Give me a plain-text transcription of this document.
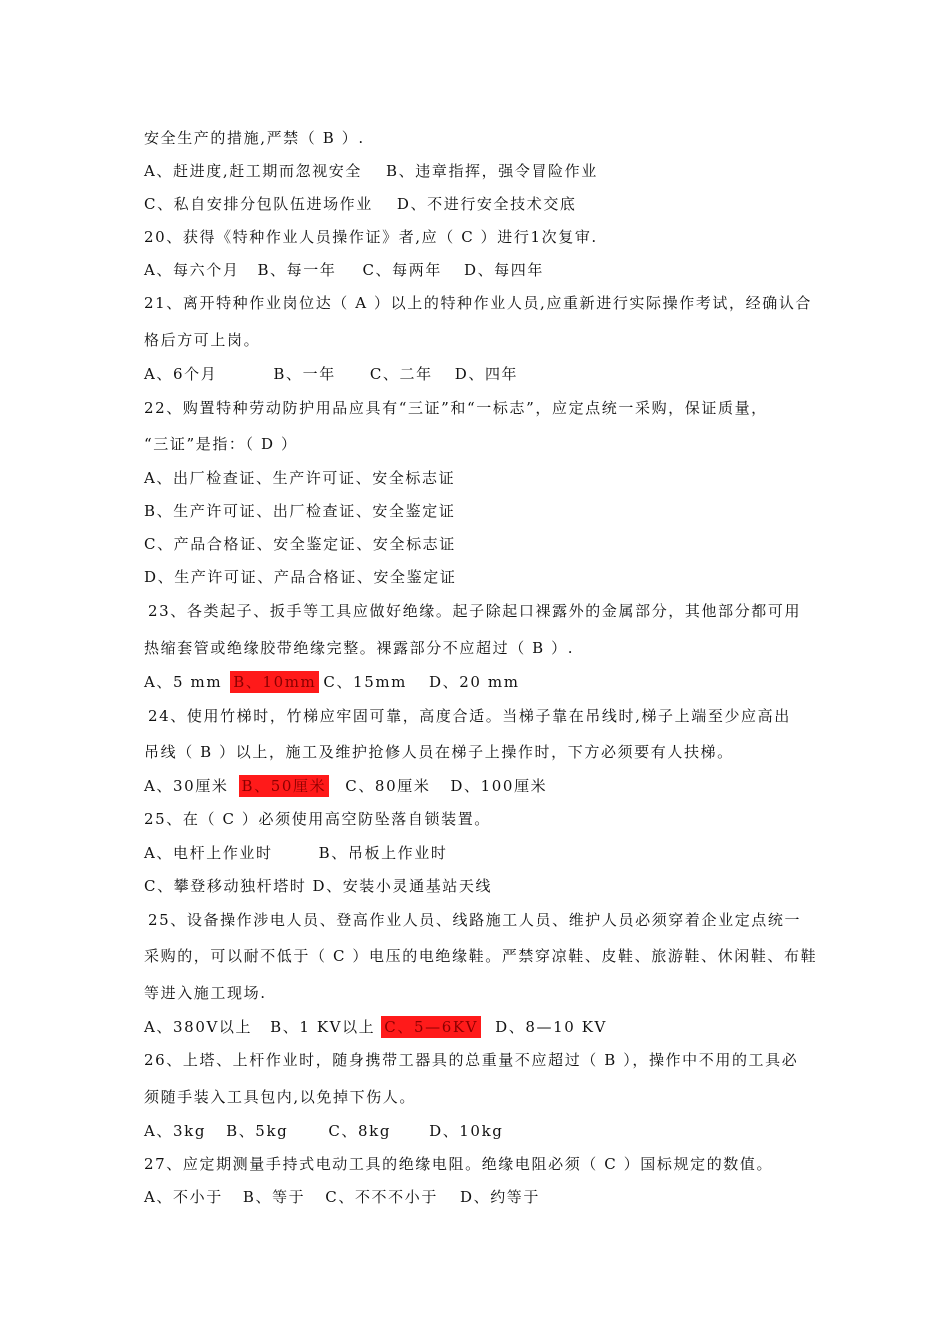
安全生产的措施,严禁（ B ）.
A、赶进度,赶工期而忽视安全 B、违章指挥，强令冒险作业
C、私自安排分包队伍进场作业 D、不进行安全技术交底
20、获得《特种作业人员操作证》者,应（ C ）进行1次复审.
A、每六个月 B、每一年 C、每两年 D、每四年
21、离开特种作业岗位达（ A ）以上的特种作业人员,应重新进行实际操作考试，经确认合
格后方可上岗。
A、6个月	B、一年 C、二年 D、四年
22、购置特种劳动防护用品应具有“三证”和“一标志”，应定点统一采购，保证质量，
“三证”是指：（ D ）
A、出厂检查证、生产许可证、安全标志证
B、生产许可证、出厂检查证、安全鉴定证
C、产品合格证、安全鉴定证、安全标志证
D、生产许可证、产品合格证、安全鉴定证
23、各类起子、扳手等工具应做好绝缘。起子除起口裸露外的金属部分，其他部分都可用
热缩套管或绝缘胶带绝缘完整。裸露部分不应超过（ B ）.
A、5 mm B、10mm C、15mm D、20 mm
24、使用竹梯时，竹梯应牢固可靠，高度合适。当梯子靠在吊线时,梯子上端至少应高出
吊线（ B ）以上，施工及维护抢修人员在梯子上操作时，下方必须要有人扶梯。
A、30厘米 B、50厘米 C、80厘米 D、100厘米
25、在（ C ）必须使用高空防坠落自锁装置。
A、电杆上作业时	B、吊板上作业时
C、攀登移动独杆塔时 D、安装小灵通基站天线
25、设备操作涉电人员、登高作业人员、线路施工人员、维护人员必须穿着企业定点统一
采购的，可以耐不低于（ C ）电压的电绝缘鞋。严禁穿凉鞋、皮鞋、旅游鞋、休闲鞋、布鞋
等进入施工现场.
A、380V以上 B、1 KV以上 C、5—6KV D、8—10 KV
26、上塔、上杆作业时，随身携带工器具的总重量不应超过（ B ），操作中不用的工具必
须随手装入工具包内,以免掉下伤人。
A、3kg B、5kg	C、8kg	D、10kg
27、应定期测量手持式电动工具的绝缘电阻。绝缘电阻必须（ C ）国标规定的数值。
A、不小于 B、等于 C、不不不小于 D、约等于
